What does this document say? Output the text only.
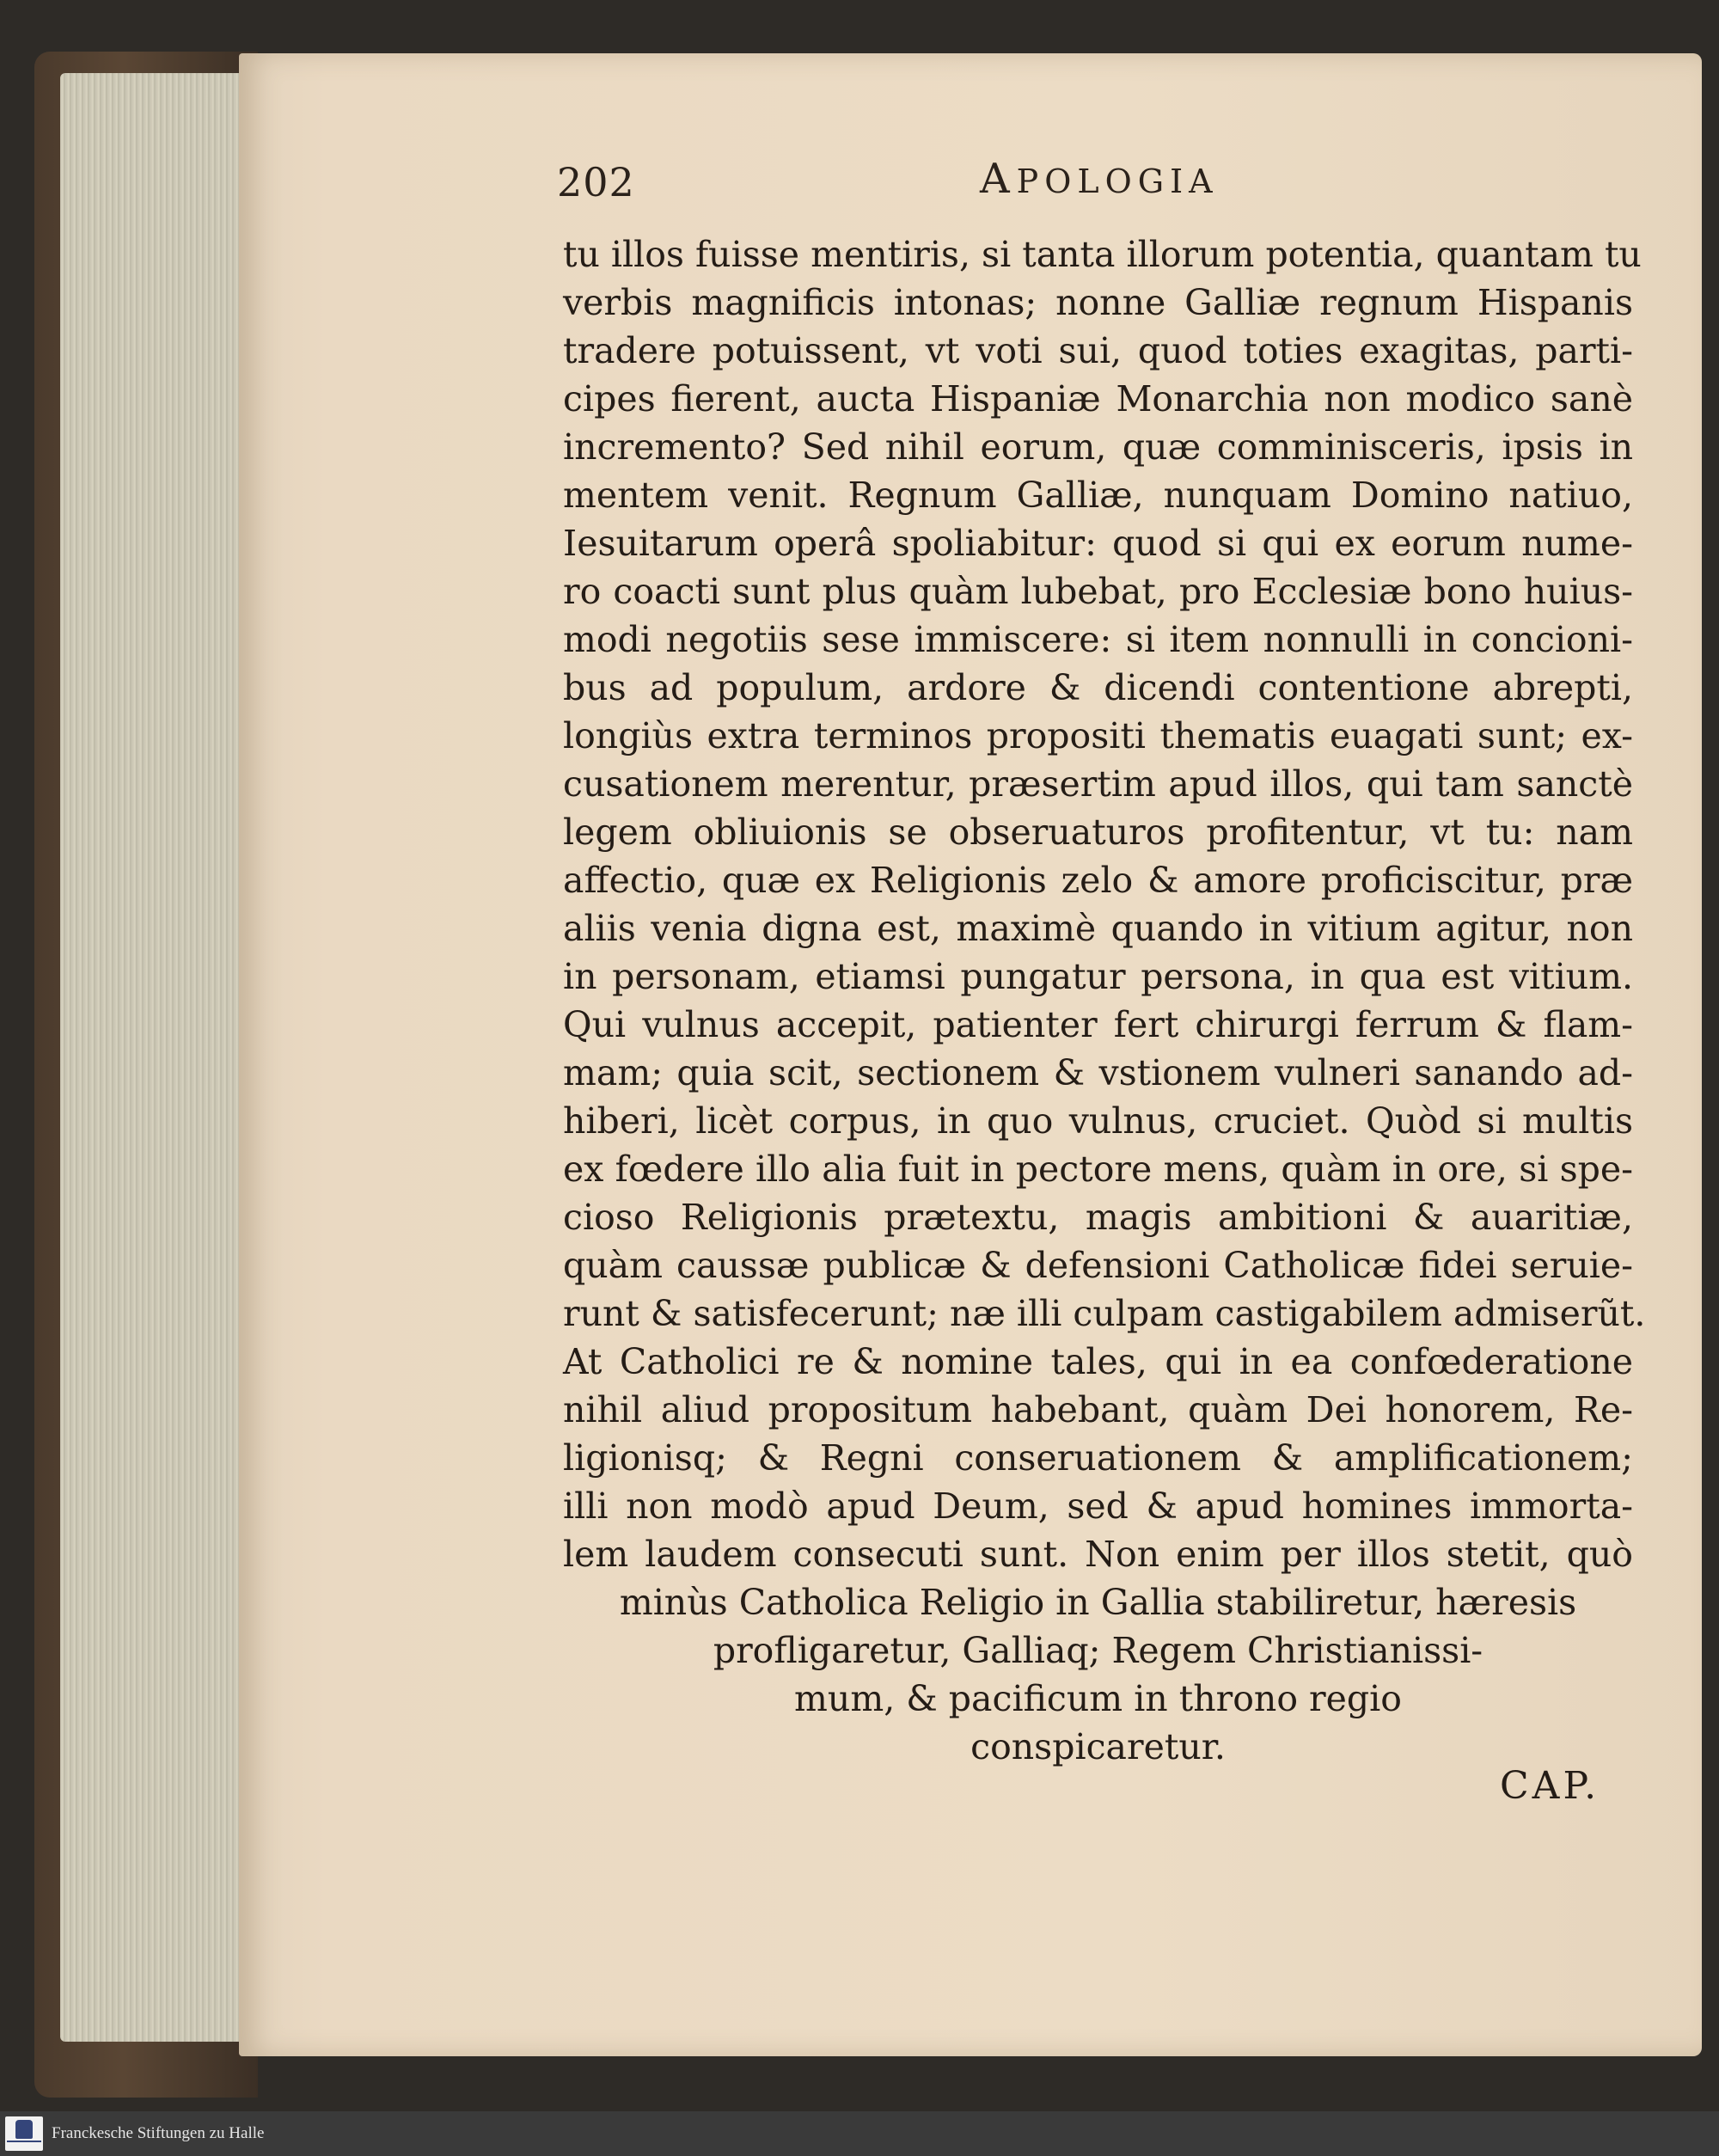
202	APOLOGIA
tu illos fuisse mentiris, si tanta illorum potentia, quantam tu
verbis magnificis intonas; nonne Galliæ regnum Hispanis
tradere potuissent, vt voti sui, quod toties exagitas, parti-
cipes fierent, aucta Hispaniæ Monarchia non modico sanè
incremento? Sed nihil eorum, quæ comminisceris, ipsis in
mentem venit. Regnum Galliæ, nunquam Domino natiuo,
Iesuitarum operâ spoliabitur: quod si qui ex eorum nume-
ro coacti sunt plus quàm lubebat, pro Ecclesiæ bono huius-
modi negotiis sese immiscere: si item nonnulli in concioni-
bus ad populum, ardore & dicendi contentione abrepti,
longiùs extra terminos propositi thematis euagati sunt; ex-
cusationem merentur, præsertim apud illos, qui tam sanctè
legem obliuionis se obseruaturos profitentur, vt tu: nam
affectio, quæ ex Religionis zelo & amore proficiscitur, præ
aliis venia digna est, maximè quando in vitium agitur, non
in personam, etiamsi pungatur persona, in qua est vitium.
Qui vulnus accepit, patienter fert chirurgi ferrum & flam-
mam; quia scit, sectionem & vstionem vulneri sanando ad-
hiberi, licèt corpus, in quo vulnus, cruciet. Quòd si multis
ex fœdere illo alia fuit in pectore mens, quàm in ore, si spe-
cioso Religionis prætextu, magis ambitioni & auaritiæ,
quàm caussæ publicæ & defensioni Catholicæ fidei seruie-
runt & satisfecerunt; næ illi culpam castigabilem admiserũt.
At Catholici re & nomine tales, qui in ea confœderatione
nihil aliud propositum habebant, quàm Dei honorem, Re-
ligionisq; & Regni conseruationem & amplificationem;
illi non modò apud Deum, sed & apud homines immorta-
lem laudem consecuti sunt. Non enim per illos stetit, quò
minùs Catholica Religio in Gallia stabiliretur, hæresis
profligaretur, Galliaq; Regem Christianissi-
mum, & pacificum in throno regio
conspicaretur.
CAP.
Franckesche Stiftungen zu Halle
